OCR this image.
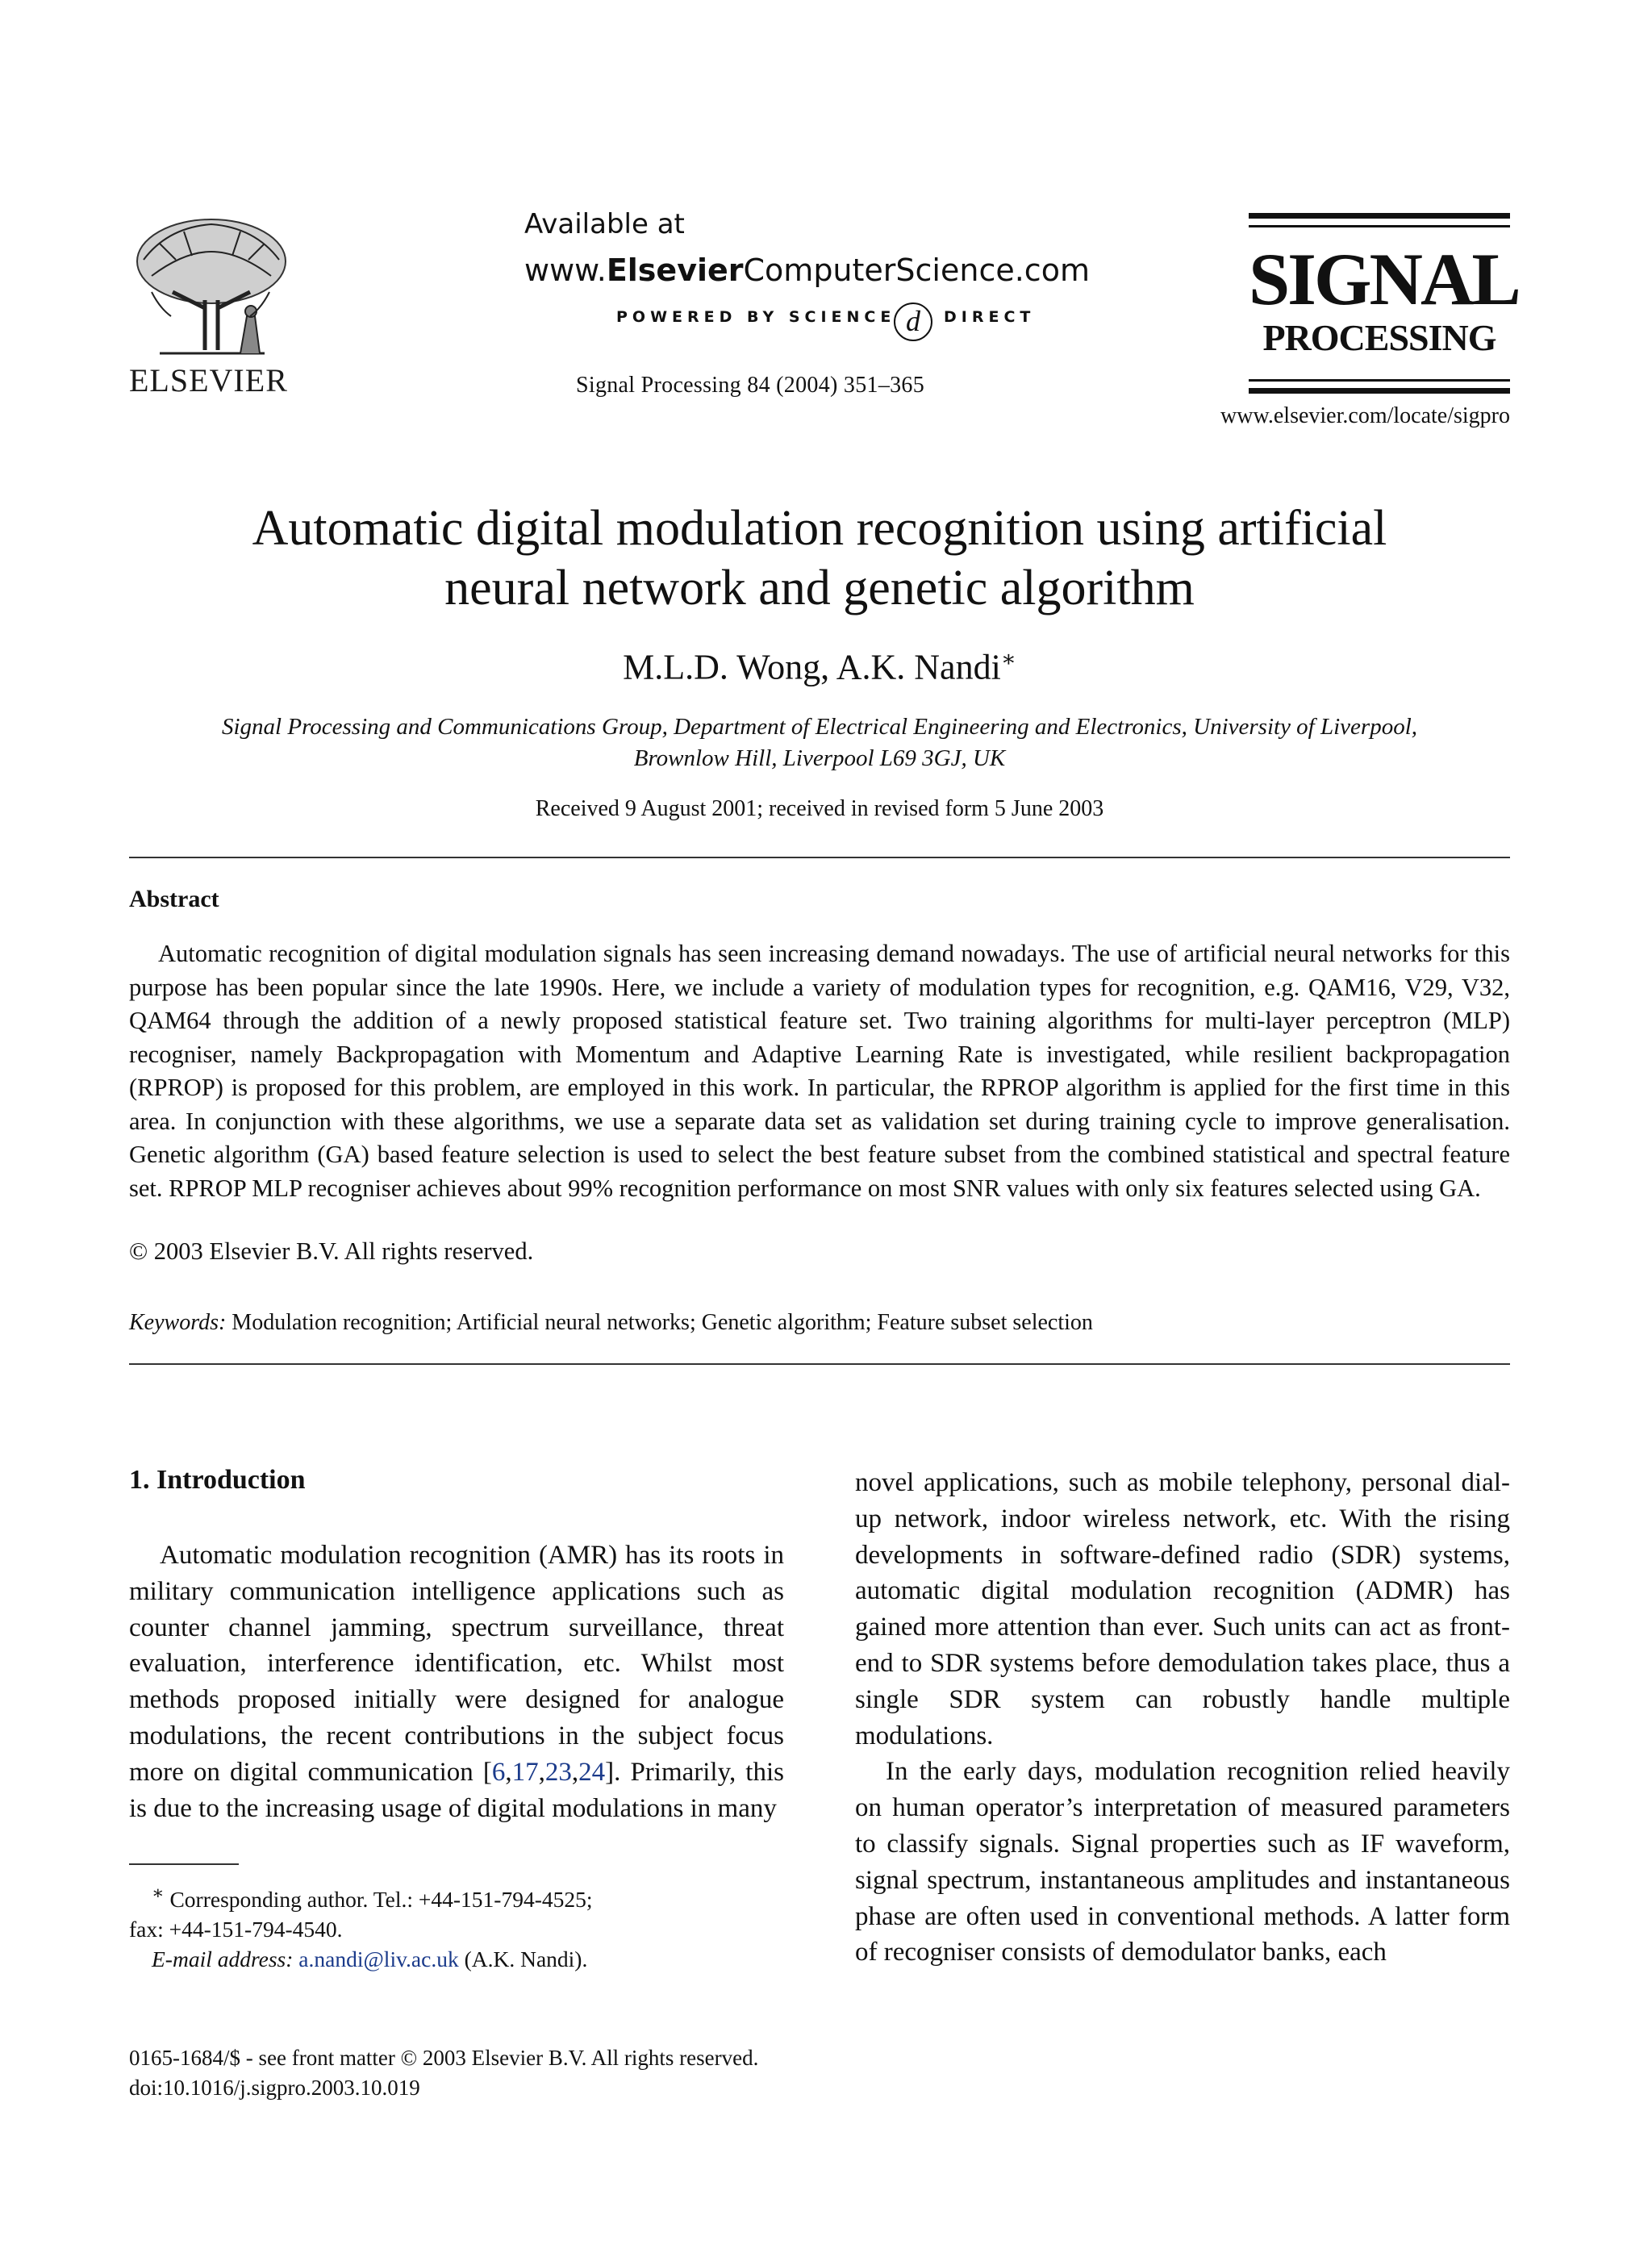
ELSEVIER
Available at
www.ElsevierComputerScience.com
POWERED BY SCIENCE d	DIRECT
Signal Processing 84 (2004) 351–365
SIGNAL
PROCESSING
www.elsevier.com/locate/sigpro
Automatic digital modulation recognition using artificial
neural network and genetic algorithm
M.L.D. Wong, A.K. Nandi∗
Signal Processing and Communications Group, Department of Electrical Engineering and Electronics, University of Liverpool,
Brownlow Hill, Liverpool L69 3GJ, UK
Received 9 August 2001; received in revised form 5 June 2003
Abstract
Automatic recognition of digital modulation signals has seen increasing demand nowadays. The use of artificial neural networks for this purpose has been popular since the late 1990s. Here, we include a variety of modulation types for recognition, e.g. QAM16, V29, V32, QAM64 through the addition of a newly proposed statistical feature set. Two training algorithms for multi-layer perceptron (MLP) recogniser, namely Backpropagation with Momentum and Adaptive Learning Rate is investigated, while resilient backpropagation (RPROP) is proposed for this problem, are employed in this work. In particular, the RPROP algorithm is applied for the first time in this area. In conjunction with these algorithms, we use a separate data set as validation set during training cycle to improve generalisation. Genetic algorithm (GA) based feature selection is used to select the best feature subset from the combined statistical and spectral feature set. RPROP MLP recogniser achieves about 99% recognition performance on most SNR values with only six features selected using GA.
© 2003 Elsevier B.V. All rights reserved.
Keywords: Modulation recognition; Artificial neural networks; Genetic algorithm; Feature subset selection
1. Introduction

Automatic modulation recognition (AMR) has its roots in military communication intelligence applications such as counter channel jamming, spectrum surveillance, threat evaluation, interference identification, etc. Whilst most methods proposed initially were designed for analogue modulations, the recent contributions in the subject focus more on digital communication [6,17,23,24]. Primarily, this is due to the increasing usage of digital modulations in many

novel applications, such as mobile telephony, personal dial-up network, indoor wireless network, etc. With the rising developments in software-defined radio (SDR) systems, automatic digital modulation recognition (ADMR) has gained more attention than ever. Such units can act as front-end to SDR systems before demodulation takes place, thus a single SDR system can robustly handle multiple modulations.

In the early days, modulation recognition relied heavily on human operator’s interpretation of measured parameters to classify signals. Signal properties such as IF waveform, signal spectrum, instantaneous amplitudes and instantaneous phase are often used in conventional methods. A latter form of recogniser consists of demodulator banks, each

∗ Corresponding author. Tel.: +44-151-794-4525;
fax: +44-151-794-4540.
E-mail address: a.nandi@liv.ac.uk (A.K. Nandi).
0165-1684/$ - see front matter © 2003 Elsevier B.V. All rights reserved.
doi:10.1016/j.sigpro.2003.10.019
